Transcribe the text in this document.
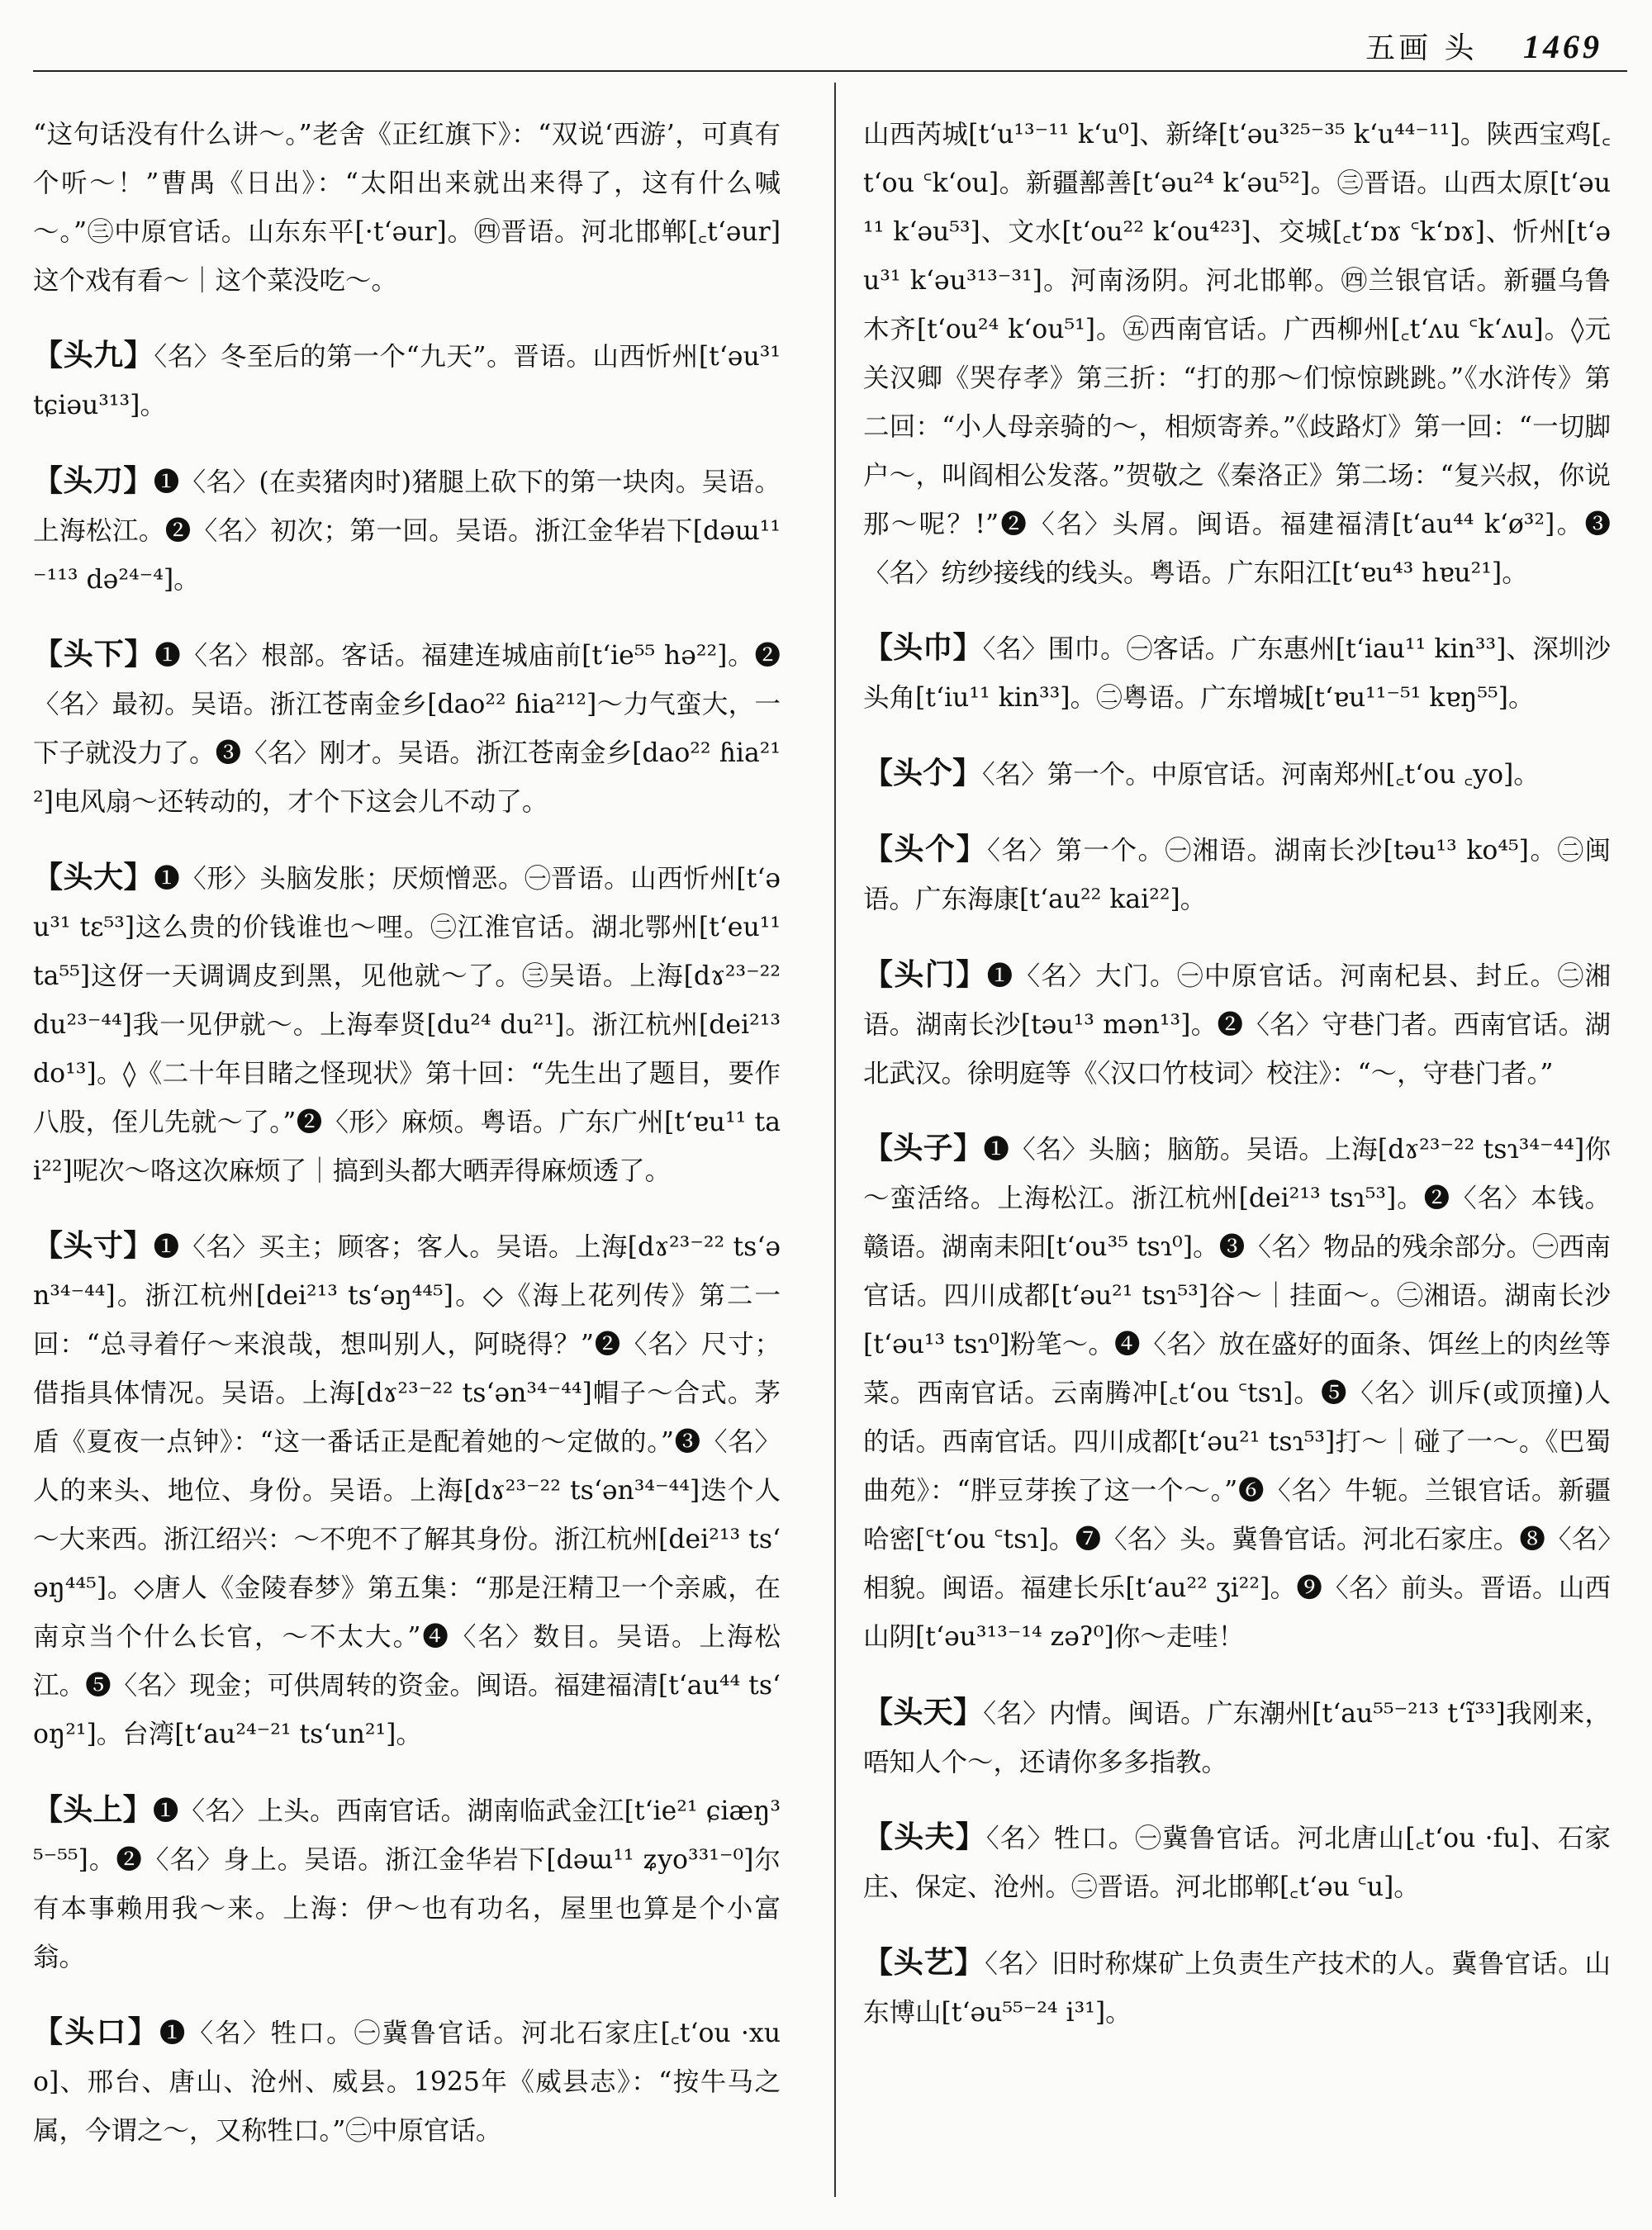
五画 头 1469

“这句话没有什么讲～。”老舍《正红旗下》：“双说‘西游’，可真有个听～！”曹禺《日出》：“太阳出来就出来得了，这有什么喊～。”㊂中原官话。山东东平[·tʻəur]。㊃晋语。河北邯郸[꜀tʻəur] 这个戏有看～｜这个菜没吃～。

【头九】〈名〉冬至后的第一个“九天”。晋语。山西忻州[tʻəu³¹ tɕiəu³¹³]。

【头刀】❶〈名〉(在卖猪肉时)猪腿上砍下的第一块肉。吴语。上海松江。❷〈名〉初次；第一回。吴语。浙江金华岩下[dəɯ¹¹⁻¹¹³ də²⁴⁻⁴]。

【头下】❶〈名〉根部。客话。福建连城庙前[tʻie⁵⁵ hə²²]。❷〈名〉最初。吴语。浙江苍南金乡[dao²² ɦia²¹²]～力气蛮大，一下子就没力了。❸〈名〉刚才。吴语。浙江苍南金乡[dao²² ɦia²¹²]电风扇～还转动的，才个下这会儿不动了。

【头大】❶〈形〉头脑发胀；厌烦憎恶。㊀晋语。山西忻州[tʻəu³¹ tɛ⁵³]这么贵的价钱谁也～哩。㊁江淮官话。湖北鄂州[tʻeu¹¹ ta⁵⁵]这伢一天调调皮到黑，见他就～了。㊂吴语。上海[dɤ²³⁻²² du²³⁻⁴⁴]我一见伊就～。上海奉贤[du²⁴ du²¹]。浙江杭州[dei²¹³ do¹³]。◊《二十年目睹之怪现状》第十回：“先生出了题目，要作八股，侄儿先就～了。”❷〈形〉麻烦。粤语。广东广州[tʻɐu¹¹ tai²²]呢次～咯这次麻烦了｜搞到头都大晒弄得麻烦透了。

【头寸】❶〈名〉买主；顾客；客人。吴语。上海[dɤ²³⁻²² tsʻən³⁴⁻⁴⁴]。浙江杭州[dei²¹³ tsʻəŋ⁴⁴⁵]。◇《海上花列传》第二一回：“总寻着仔～来浪哉，想叫别人，阿晓得？”❷〈名〉尺寸；借指具体情况。吴语。上海[dɤ²³⁻²² tsʻən³⁴⁻⁴⁴]帽子～合式。茅盾《夏夜一点钟》：“这一番话正是配着她的～定做的。”❸〈名〉人的来头、地位、身份。吴语。上海[dɤ²³⁻²² tsʻən³⁴⁻⁴⁴]迭个人～大来西。浙江绍兴：～不兜不了解其身份。浙江杭州[dei²¹³ tsʻəŋ⁴⁴⁵]。◇唐人《金陵春梦》第五集：“那是汪精卫一个亲戚，在南京当个什么长官，～不太大。”❹〈名〉数目。吴语。上海松江。❺〈名〉现金；可供周转的资金。闽语。福建福清[tʻau⁴⁴ tsʻoŋ²¹]。台湾[tʻau²⁴⁻²¹ tsʻun²¹]。

【头上】❶〈名〉上头。西南官话。湖南临武金江[tʻie²¹ ɕiæŋ³⁵⁻⁵⁵]。❷〈名〉身上。吴语。浙江金华岩下[dəɯ¹¹ ʑyo³³¹⁻⁰]尔有本事赖用我～来。上海：伊～也有功名，屋里也算是个小富翁。

【头口】❶〈名〉牲口。㊀冀鲁官话。河北石家庄[꜀tʻou ·xuo]、邢台、唐山、沧州、威县。1925年《威县志》：“按牛马之属，今谓之～，又称牲口。”㊁中原官话。

山西芮城[tʻu¹³⁻¹¹ kʻu⁰]、新绛[tʻəu³²⁵⁻³⁵ kʻu⁴⁴⁻¹¹]。陕西宝鸡[꜀tʻou ꜂kʻou]。新疆鄯善[tʻəu²⁴ kʻəu⁵²]。㊂晋语。山西太原[tʻəu¹¹ kʻəu⁵³]、文水[tʻou²² kʻou⁴²³]、交城[꜀tʻɒɤ ꜂kʻɒɤ]、忻州[tʻəu³¹ kʻəu³¹³⁻³¹]。河南汤阴。河北邯郸。㊃兰银官话。新疆乌鲁木齐[tʻou²⁴ kʻou⁵¹]。㊄西南官话。广西柳州[꜀tʻʌu ꜂kʻʌu]。◊元关汉卿《哭存孝》第三折：“打的那～们惊惊跳跳。”《水浒传》第二回：“小人母亲骑的～，相烦寄养。”《歧路灯》第一回：“一切脚户～，叫阎相公发落。”贺敬之《秦洛正》第二场：“复兴叔，你说那～呢？!”❷〈名〉头屑。闽语。福建福清[tʻau⁴⁴ kʻø³²]。❸〈名〉纺纱接线的线头。粤语。广东阳江[tʻɐu⁴³ hɐu²¹]。

【头巾】〈名〉围巾。㊀客话。广东惠州[tʻiau¹¹ kin³³]、深圳沙头角[tʻiu¹¹ kin³³]。㊁粤语。广东增城[tʻɐu¹¹⁻⁵¹ kɐŋ⁵⁵]。

【头𠆤】〈名〉第一个。中原官话。河南郑州[꜀tʻou ꜀yo]。

【头个】〈名〉第一个。㊀湘语。湖南长沙[təu¹³ ko⁴⁵]。㊁闽语。广东海康[tʻau²² kai²²]。

【头门】❶〈名〉大门。㊀中原官话。河南杞县、封丘。㊁湘语。湖南长沙[təu¹³ mən¹³]。❷〈名〉守巷门者。西南官话。湖北武汉。徐明庭等《〈汉口竹枝词〉校注》：“～，守巷门者。”

【头子】❶〈名〉头脑；脑筋。吴语。上海[dɤ²³⁻²² tsɿ³⁴⁻⁴⁴]你～蛮活络。上海松江。浙江杭州[dei²¹³ tsɿ⁵³]。❷〈名〉本钱。赣语。湖南耒阳[tʻou³⁵ tsɿ⁰]。❸〈名〉物品的残余部分。㊀西南官话。四川成都[tʻəu²¹ tsɿ⁵³]谷～｜挂面～。㊁湘语。湖南长沙[tʻəu¹³ tsɿ⁰]粉笔～。❹〈名〉放在盛好的面条、饵丝上的肉丝等菜。西南官话。云南腾冲[꜀tʻou ꜂tsɿ]。❺〈名〉训斥(或顶撞)人的话。西南官话。四川成都[tʻəu²¹ tsɿ⁵³]打～｜碰了一～。《巴蜀曲苑》：“胖豆芽挨了这一个～。”❻〈名〉牛轭。兰银官话。新疆哈密[꜂tʻou ꜂tsɿ]。❼〈名〉头。冀鲁官话。河北石家庄。❽〈名〉相貌。闽语。福建长乐[tʻau²² ʒi²²]。❾〈名〉前头。晋语。山西山阴[tʻəu³¹³⁻¹⁴ zəʔ⁰]你～走哇！

【头天】〈名〉内情。闽语。广东潮州[tʻau⁵⁵⁻²¹³ tʻĩ³³]我刚来，唔知人个～，还请你多多指教。

【头夫】〈名〉牲口。㊀冀鲁官话。河北唐山[꜀tʻou ·fu]、石家庄、保定、沧州。㊁晋语。河北邯郸[꜀tʻəu ꜂u]。

【头艺】〈名〉旧时称煤矿上负责生产技术的人。冀鲁官话。山东博山[tʻəu⁵⁵⁻²⁴ i³¹]。
